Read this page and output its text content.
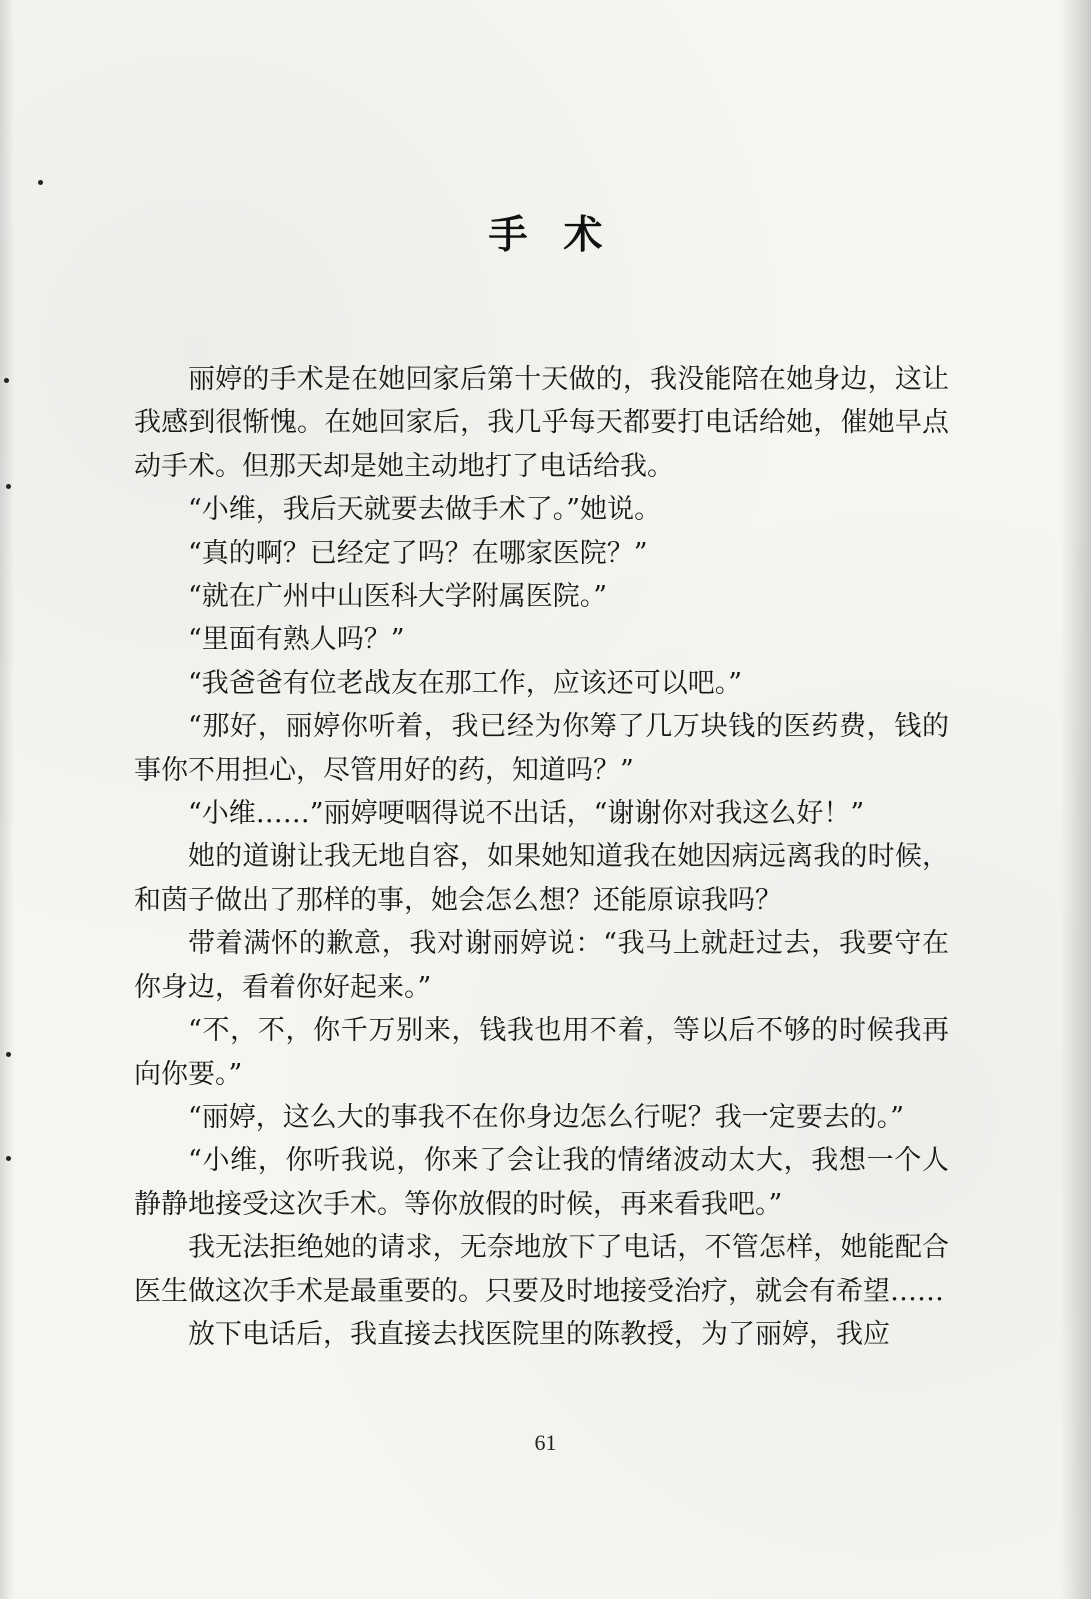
手术

丽婷的手术是在她回家后第十天做的，我没能陪在她身边，这让我感到很惭愧。在她回家后，我几乎每天都要打电话给她，催她早点动手术。但那天却是她主动地打了电话给我。

“小维，我后天就要去做手术了。”她说。

“真的啊？已经定了吗？在哪家医院？”

“就在广州中山医科大学附属医院。”

“里面有熟人吗？”

“我爸爸有位老战友在那工作，应该还可以吧。”

“那好，丽婷你听着，我已经为你筹了几万块钱的医药费，钱的事你不用担心，尽管用好的药，知道吗？”

“小维……”丽婷哽咽得说不出话，“谢谢你对我这么好！”

她的道谢让我无地自容，如果她知道我在她因病远离我的时候，和茵子做出了那样的事，她会怎么想？还能原谅我吗？

带着满怀的歉意，我对谢丽婷说：“我马上就赶过去，我要守在你身边，看着你好起来。”

“不，不，你千万别来，钱我也用不着，等以后不够的时候我再向你要。”

“丽婷，这么大的事我不在你身边怎么行呢？我一定要去的。”

“小维，你听我说，你来了会让我的情绪波动太大，我想一个人静静地接受这次手术。等你放假的时候，再来看我吧。”

我无法拒绝她的请求，无奈地放下了电话，不管怎样，她能配合医生做这次手术是最重要的。只要及时地接受治疗，就会有希望……

放下电话后，我直接去找医院里的陈教授，为了丽婷，我应

61
